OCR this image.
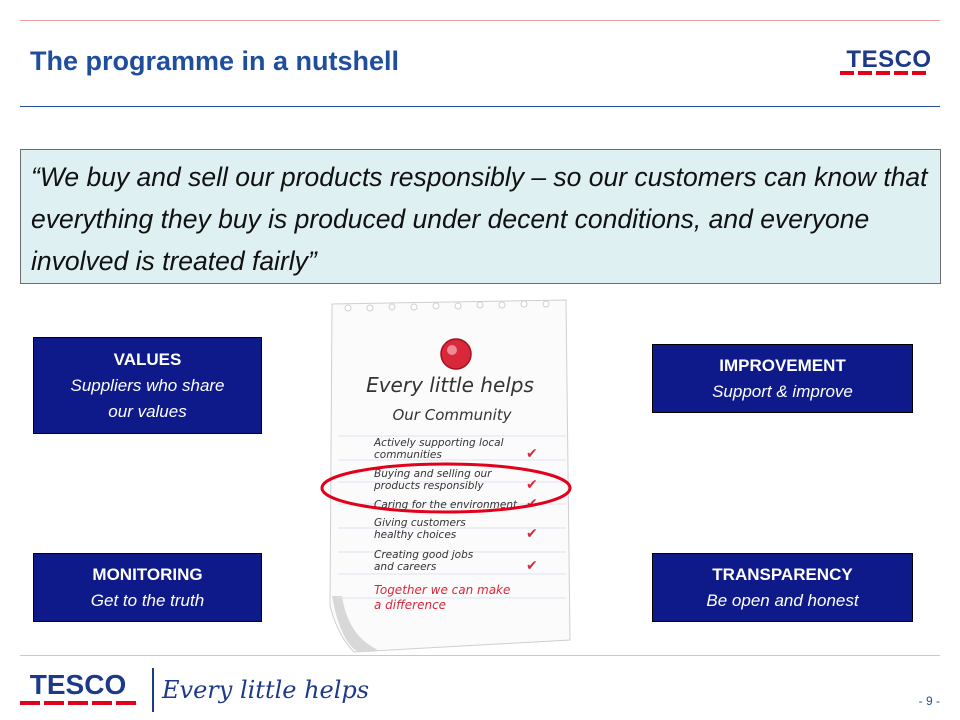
The programme in a nutshell	TESCO
“We buy and sell our products responsibly – so our customers can know that everything they buy is produced under decent conditions, and everyone involved is treated fairly”
VALUES
Suppliers who share
our values
IMPROVEMENT
Support & improve
MONITORING
Get to the truth
TRANSPARENCY
Be open and honest
Every little helps
Our Community
Actively supporting local
communities
Buying and selling our
products responsibly
Caring for the environment
Giving customers
healthy choices
Creating good jobs
and careers
✔
✔
✔
✔
✔
Together we can make
a difference
TESCO Every little helps	- 9 -
